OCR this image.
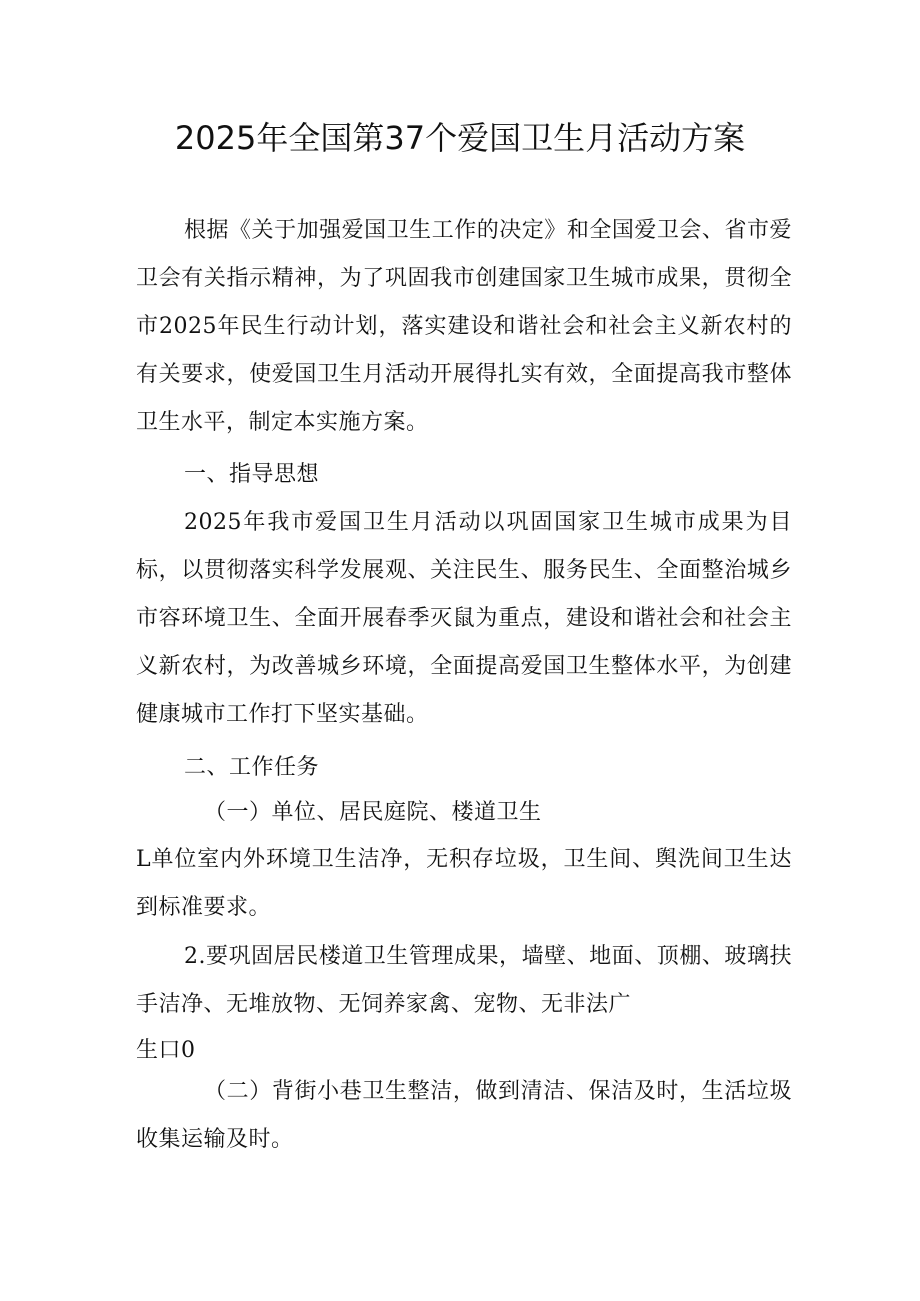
2025年全国第37个爱国卫生月活动方案

根据《关于加强爱国卫生工作的决定》和全国爱卫会、省市爱卫会有关指示精神，为了巩固我市创建国家卫生城市成果，贯彻全市2025年民生行动计划，落实建设和谐社会和社会主义新农村的有关要求，使爱国卫生月活动开展得扎实有效，全面提高我市整体卫生水平，制定本实施方案。

一、指导思想

2025年我市爱国卫生月活动以巩固国家卫生城市成果为目标，以贯彻落实科学发展观、关注民生、服务民生、全面整治城乡市容环境卫生、全面开展春季灭鼠为重点，建设和谐社会和社会主义新农村，为改善城乡环境，全面提高爱国卫生整体水平，为创建健康城市工作打下坚实基础。

二、工作任务

（一）单位、居民庭院、楼道卫生

L单位室内外环境卫生洁净，无积存垃圾，卫生间、舆洗间卫生达到标准要求。

2.要巩固居民楼道卫生管理成果，墙壁、地面、顶棚、玻璃扶手洁净、无堆放物、无饲养家禽、宠物、无非法广

生口0

（二）背街小巷卫生整洁，做到清洁、保洁及时，生活垃圾收集运输及时。
